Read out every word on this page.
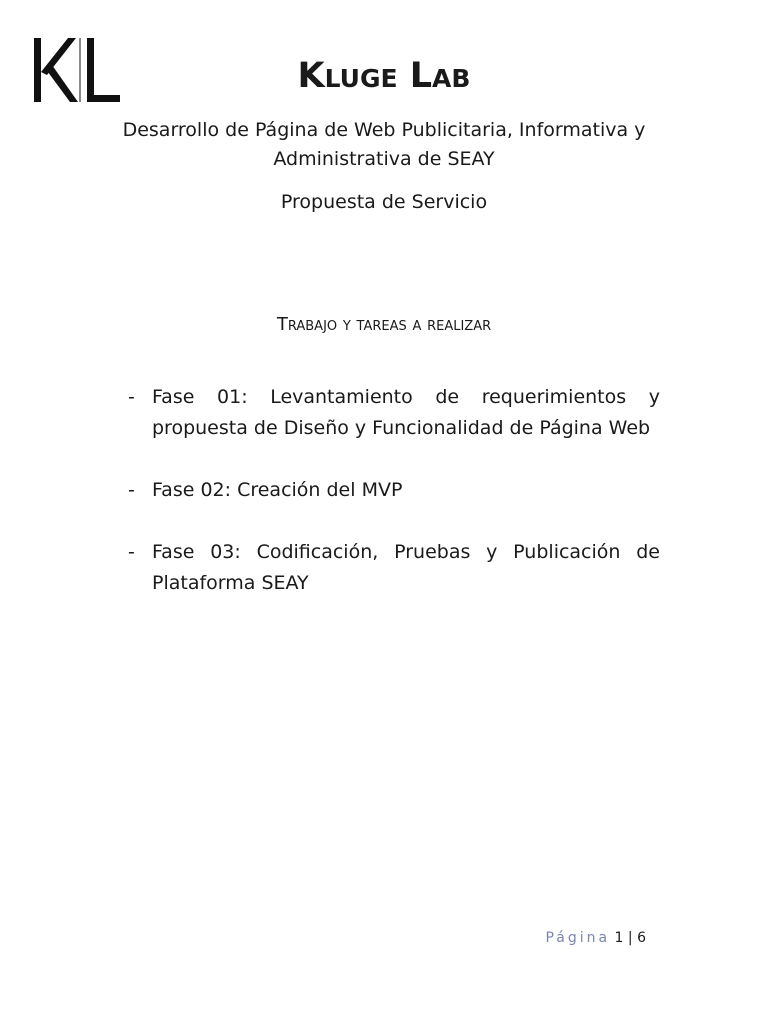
Kluge Lab
Desarrollo de Página de Web Publicitaria, Informativa y Administrativa de SEAY
Propuesta de Servicio
Trabajo y tareas a realizar
- Fase 01: Levantamiento de requerimientos y propuesta de Diseño y Funcionalidad de Página Web
- Fase 02: Creación del MVP
- Fase 03: Codificación, Pruebas y Publicación de Plataforma SEAY
Página 1 | 6
